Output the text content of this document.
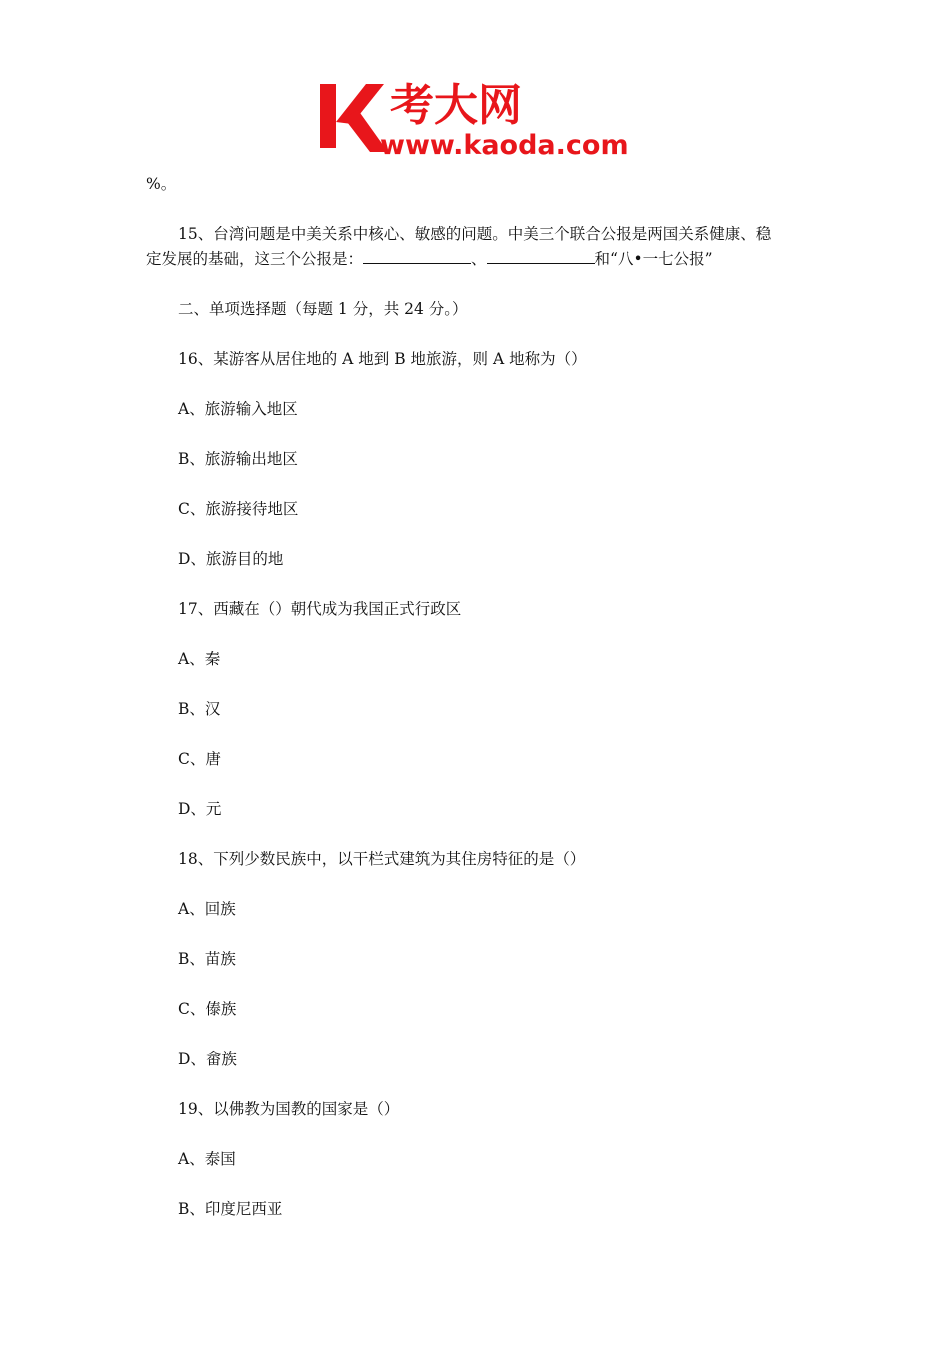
考大网
www.kaoda.com
%。
15、台湾问题是中美关系中核心、敏感的问题。中美三个联合公报是两国关系健康、稳
定发展的基础，这三个公报是：	、	和“八•一七公报”
二、单项选择题（每题 1 分，共 24 分。）
16、某游客从居住地的 A 地到 B 地旅游，则 A 地称为（）
A、旅游输入地区
B、旅游输出地区
C、旅游接待地区
D、旅游目的地
17、西藏在（）朝代成为我国正式行政区
A、秦
B、汉
C、唐
D、元
18、下列少数民族中，以干栏式建筑为其住房特征的是（）
A、回族
B、苗族
C、傣族
D、畲族
19、以佛教为国教的国家是（）
A、泰国
B、印度尼西亚
